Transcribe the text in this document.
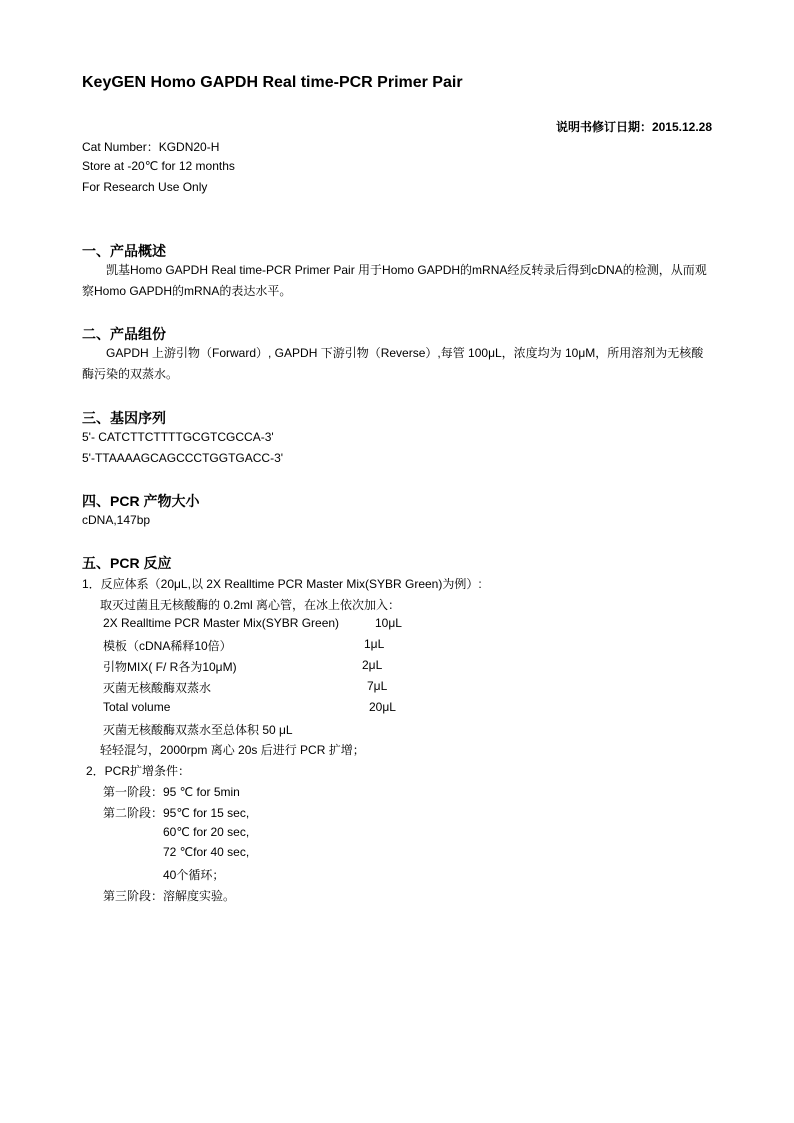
KeyGEN Homo GAPDH Real time-PCR Primer Pair
说明书修订日期：2015.12.28
Cat Number：KGDN20-H
Store at -20℃ for 12 months
For Research Use Only
一、产品概述
凯基Homo GAPDH Real time-PCR Primer Pair 用于Homo GAPDH的mRNA经反转录后得到cDNA的检测，从而观察Homo GAPDH的mRNA的表达水平。
二、产品组份
GAPDH 上游引物（Forward）, GAPDH 下游引物（Reverse）,每管 100μL，浓度均为 10μM，所用溶剂为无核酸酶污染的双蒸水。
三、基因序列
5'- CATCTTCTTTTGCGTCGCCA-3'
5'-TTAAAAGCAGCCCTGGTGACC-3'
四、PCR 产物大小
cDNA,147bp
五、PCR 反应
1．反应体系（20μL,以 2X Realltime PCR Master Mix(SYBR Green)为例）:
取灭过菌且无核酸酶的 0.2ml 离心管，在冰上依次加入：
2X Realltime PCR Master Mix(SYBR Green)	10μL
模板（cDNA稀释10倍）	1μL
引物MIX( F/ R各为10μM)	2μL
灭菌无核酸酶双蒸水	7μL
Total volume	20μL
灭菌无核酸酶双蒸水至总体积 50 μL
轻轻混匀，2000rpm 离心 20s 后进行 PCR 扩增；
2．PCR扩增条件：
第一阶段：95 ℃ for 5min
第二阶段：95℃ for 15 sec,
60℃ for 20 sec,
72 ℃for 40 sec,
40个循环；
第三阶段：溶解度实验。
